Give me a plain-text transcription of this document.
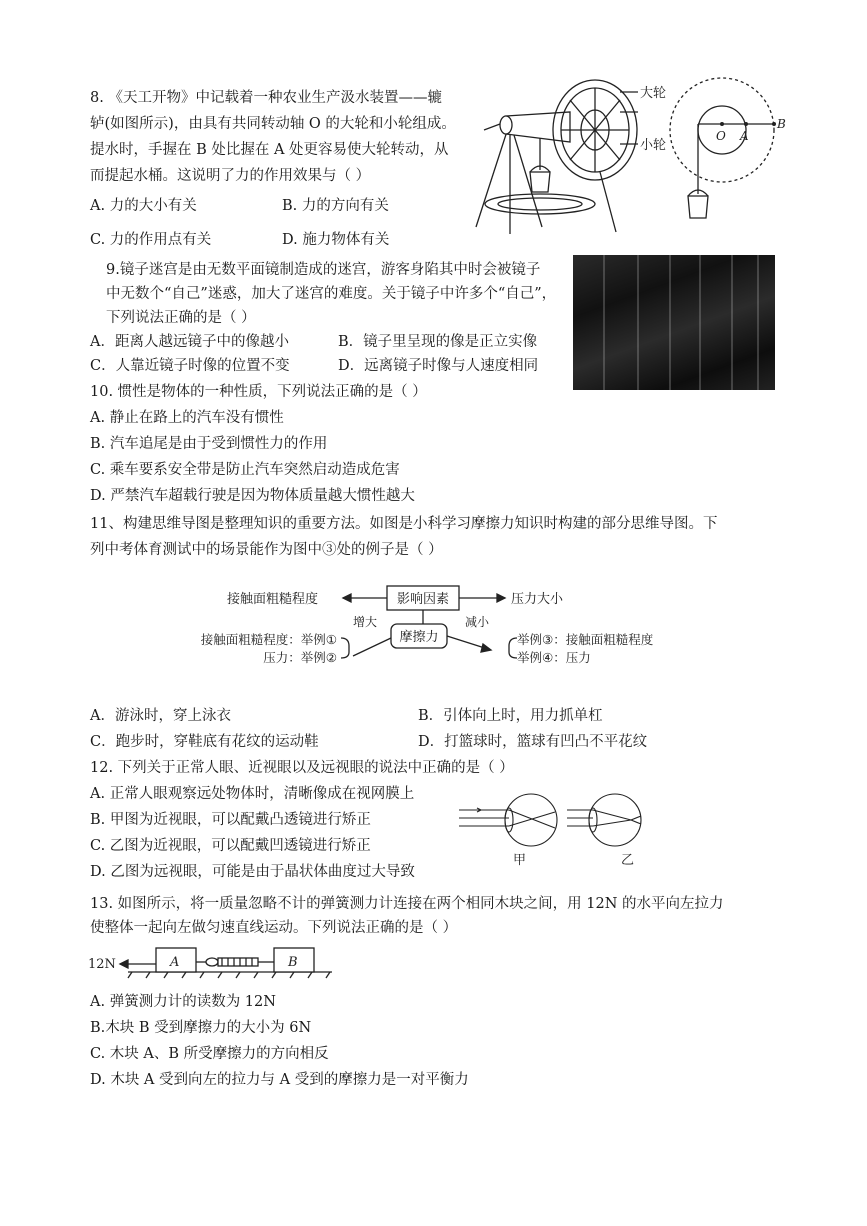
8. 《天工开物》中记载着一种农业生产汲水装置——辘
轳(如图所示)，由具有共同转动轴 O 的大轮和小轮组成。
提水时，手握在 B 处比握在 A 处更容易使大轮转动，从
而提起水桶。这说明了力的作用效果与（ ）
A. 力的大小有关	B. 力的方向有关
C. 力的作用点有关	D. 施力物体有关
大轮
小轮
O A
B
9.镜子迷宫是由无数平面镜制造成的迷宫，游客身陷其中时会被镜子
中无数个“自己”迷惑，加大了迷宫的难度。关于镜子中许多个“自己”，
下列说法正确的是（ ）
A．距离人越远镜子中的像越小	B．镜子里呈现的像是正立实像
C．人靠近镜子时像的位置不变	D．远离镜子时像与人速度相同
10. 惯性是物体的一种性质，下列说法正确的是（ ）
A. 静止在路上的汽车没有惯性
B. 汽车追尾是由于受到惯性力的作用
C. 乘车要系安全带是防止汽车突然启动造成危害
D. 严禁汽车超载行驶是因为物体质量越大惯性越大
11、构建思维导图是整理知识的重要方法。如图是小科学习摩擦力知识时构建的部分思维导图。下
列中考体育测试中的场景能作为图中③处的例子是（ ）
影响因素
摩擦力
接触面粗糙程度	压力大小
增大	减小
接触面粗糙程度：举例①
压力：举例②
举例③：接触面粗糙程度
举例④：压力
A．游泳时，穿上泳衣	B．引体向上时，用力抓单杠
C．跑步时，穿鞋底有花纹的运动鞋	D．打篮球时，篮球有凹凸不平花纹
12. 下列关于正常人眼、近视眼以及远视眼的说法中正确的是（ ）
A. 正常人眼观察远处物体时，清晰像成在视网膜上
B. 甲图为近视眼，可以配戴凸透镜进行矫正
C. 乙图为近视眼，可以配戴凹透镜进行矫正
D. 乙图为远视眼，可能是由于晶状体曲度过大导致
甲	乙
13. 如图所示，将一质量忽略不计的弹簧测力计连接在两个相同木块之间，用 12N 的水平向左拉力
使整体一起向左做匀速直线运动。下列说法正确的是（ ）
12N	A	B
A. 弹簧测力计的读数为 12N
B.木块 B 受到摩擦力的大小为 6N
C. 木块 A、B 所受摩擦力的方向相反
D. 木块 A 受到向左的拉力与 A 受到的摩擦力是一对平衡力
